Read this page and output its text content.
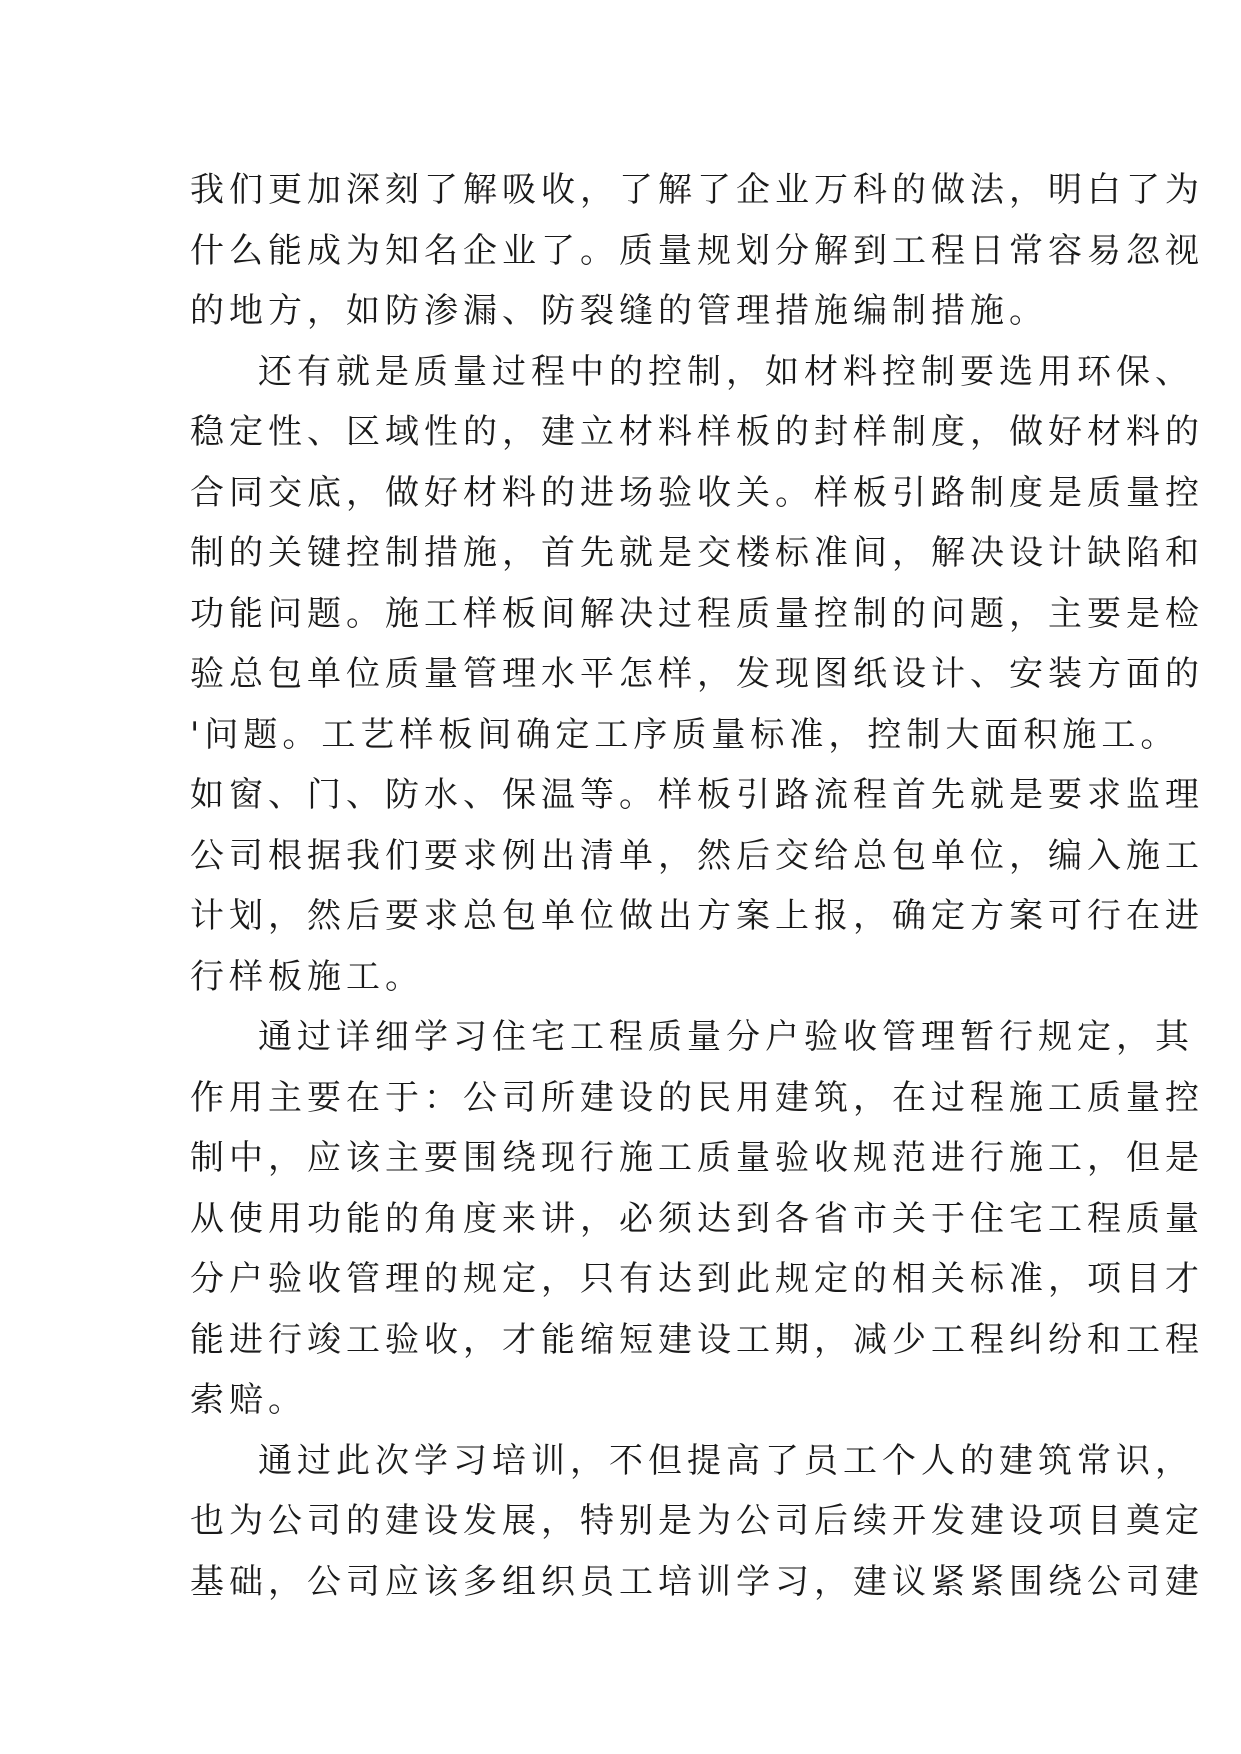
我们更加深刻了解吸收，了解了企业万科的做法，明白了为
什么能成为知名企业了。质量规划分解到工程日常容易忽视
的地方，如防渗漏、防裂缝的管理措施编制措施。
还有就是质量过程中的控制，如材料控制要选用环保、
稳定性、区域性的，建立材料样板的封样制度，做好材料的
合同交底，做好材料的进场验收关。样板引路制度是质量控
制的关键控制措施，首先就是交楼标准间，解决设计缺陷和
功能问题。施工样板间解决过程质量控制的问题，主要是检
验总包单位质量管理水平怎样，发现图纸设计、安装方面的
'问题。工艺样板间确定工序质量标准，控制大面积施工。
如窗、门、防水、保温等。样板引路流程首先就是要求监理
公司根据我们要求例出清单，然后交给总包单位，编入施工
计划，然后要求总包单位做出方案上报，确定方案可行在进
行样板施工。
通过详细学习住宅工程质量分户验收管理暂行规定，其
作用主要在于：公司所建设的民用建筑，在过程施工质量控
制中，应该主要围绕现行施工质量验收规范进行施工，但是
从使用功能的角度来讲，必须达到各省市关于住宅工程质量
分户验收管理的规定，只有达到此规定的相关标准，项目才
能进行竣工验收，才能缩短建设工期，减少工程纠纷和工程
索赔。
通过此次学习培训，不但提高了员工个人的建筑常识，
也为公司的建设发展，特别是为公司后续开发建设项目奠定
基础，公司应该多组织员工培训学习，建议紧紧围绕公司建
